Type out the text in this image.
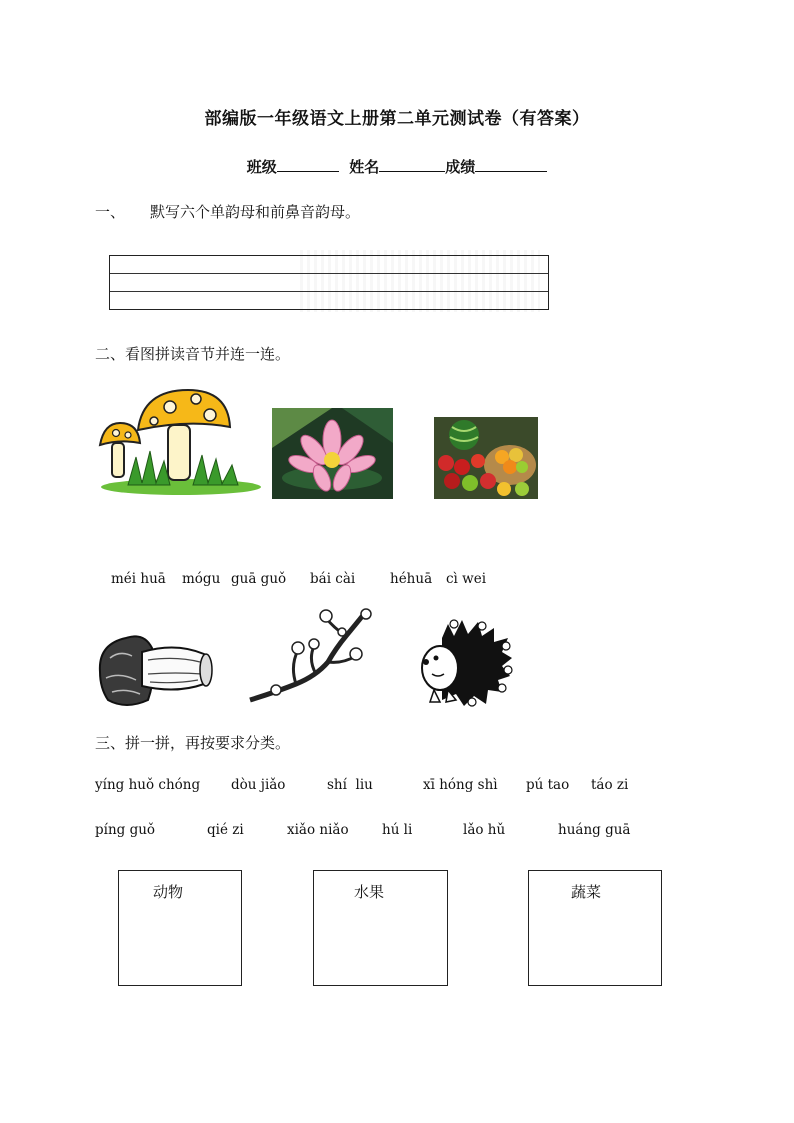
部编版一年级语文上册第二单元测试卷（有答案）
班级	姓名	成绩
一、 默写六个单韵母和前鼻音韵母。
二、看图拼读音节并连一连。
méi huā mógu guā guǒ bái cài	héhuā cì wei
三、拼一拼，再按要求分类。
yíng huǒ chóng dòu jiǎo	shí  liu	xī hóng shì pú tao táo zi
píng guǒ	qié zi	xiǎo niǎo hú li	lǎo hǔ	huáng guā
动物	水果	蔬菜
